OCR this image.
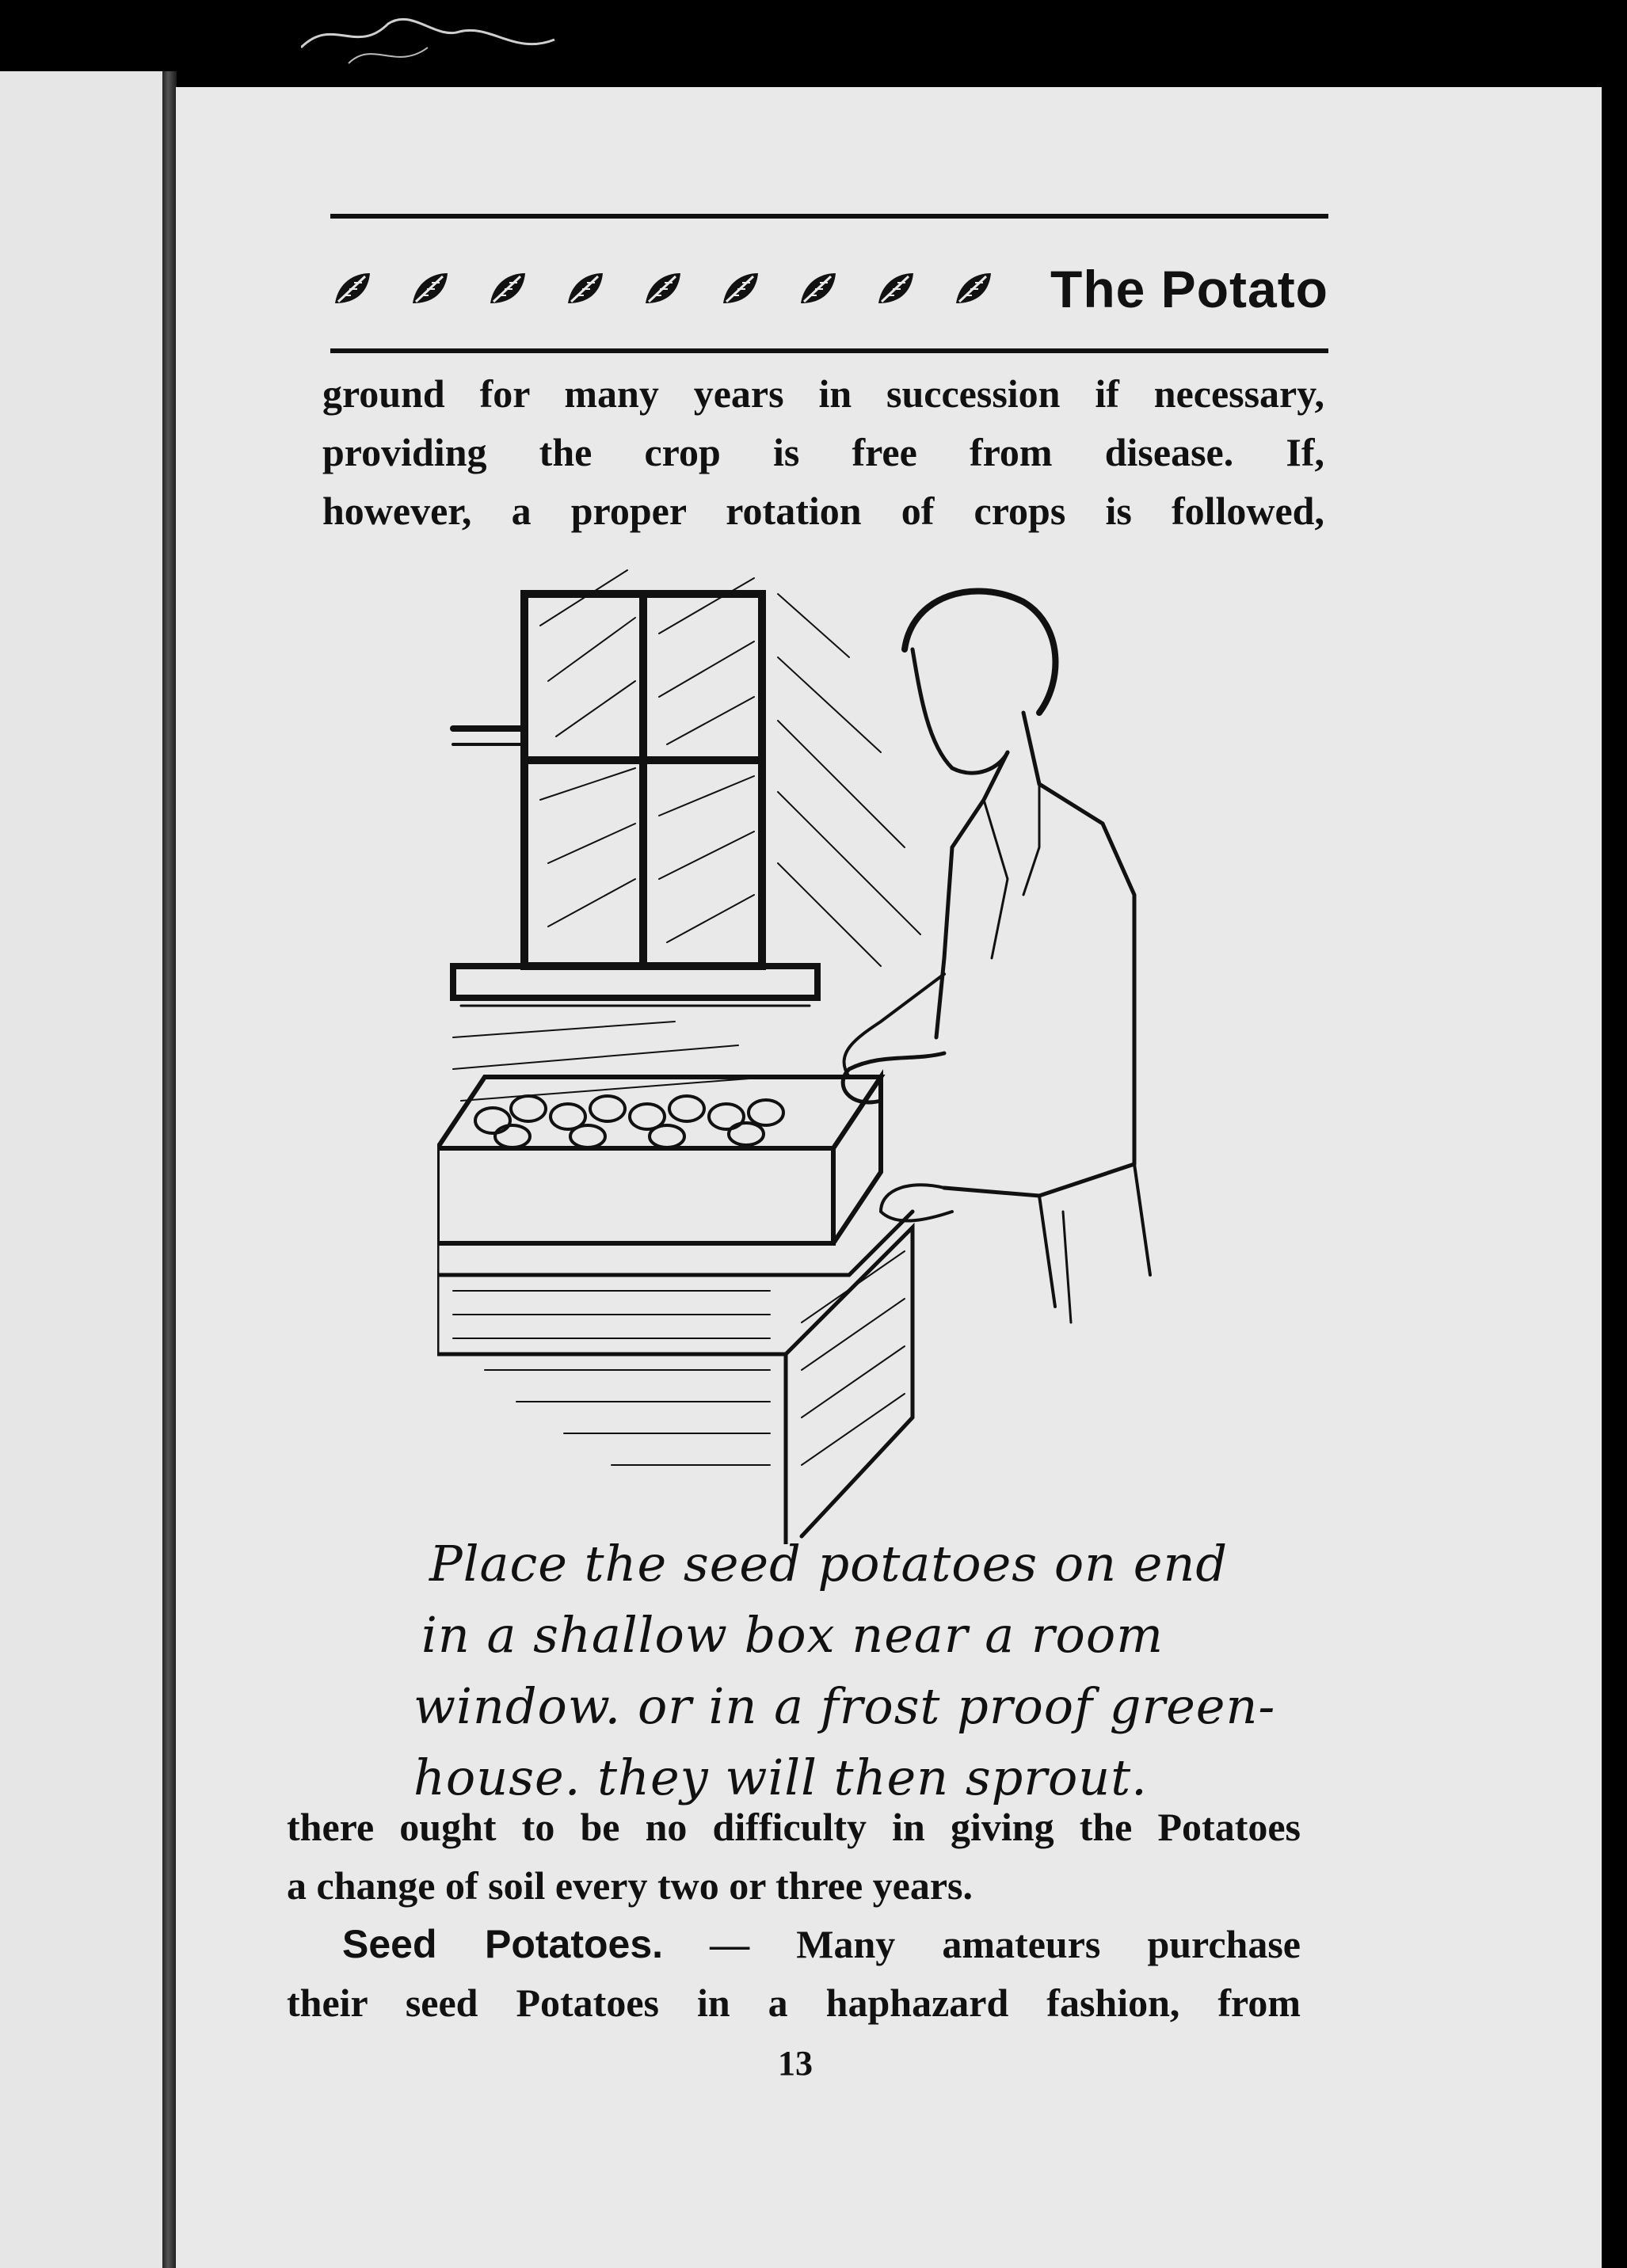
The Potato

ground for many years in succession if necessary,
providing the crop is free from disease. If,
however, a proper rotation of crops is followed,

Place the seed potatoes on end
in a shallow box near a room
window. or in a frost proof green-
house. they will then sprout.

there ought to be no difficulty in giving the Potatoes
a change of soil every two or three years.
Seed Potatoes. — Many amateurs purchase
their seed Potatoes in a haphazard fashion, from

13
